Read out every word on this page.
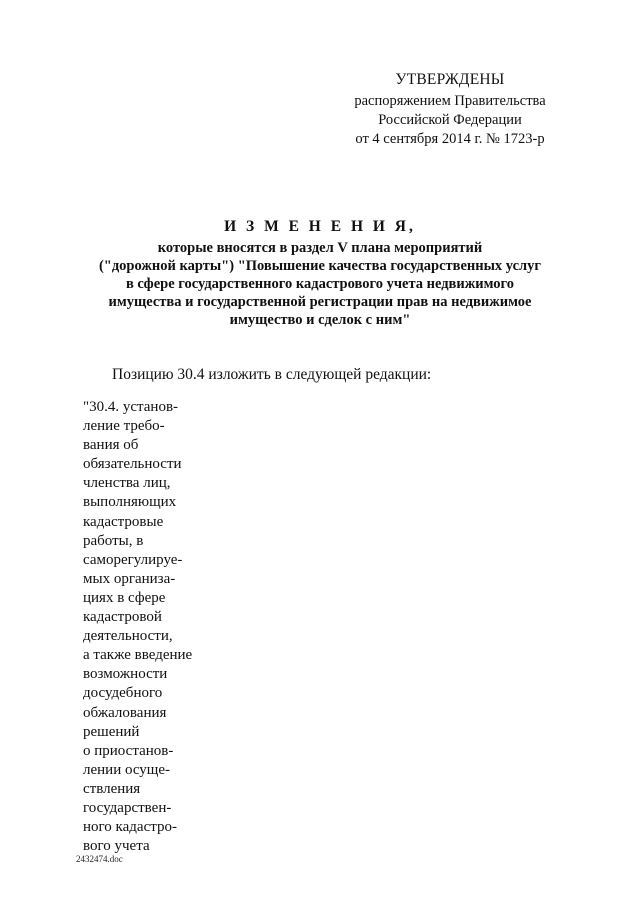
УТВЕРЖДЕНЫ
распоряжением Правительства
Российской Федерации
от 4 сентября 2014 г. № 1723-р
И З М Е Н Е Н И Я,
которые вносятся в раздел V плана мероприятий
("дорожной карты") "Повышение качества государственных услуг
в сфере государственного кадастрового учета недвижимого
имущества и государственной регистрации прав на недвижимое
имущество и сделок с ним"
Позицию 30.4 изложить в следующей редакции:
"30.4. установ-
ление требо-
вания об
обязательности
членства лиц,
выполняющих
кадастровые
работы, в
саморегулируе-
мых организа-
циях в сфере
кадастровой
деятельности,
а также введение
возможности
досудебного
обжалования
решений
о приостанов-
лении осуще-
ствления
государствен-
ного кадастро-
вого учета
2432474.doc
